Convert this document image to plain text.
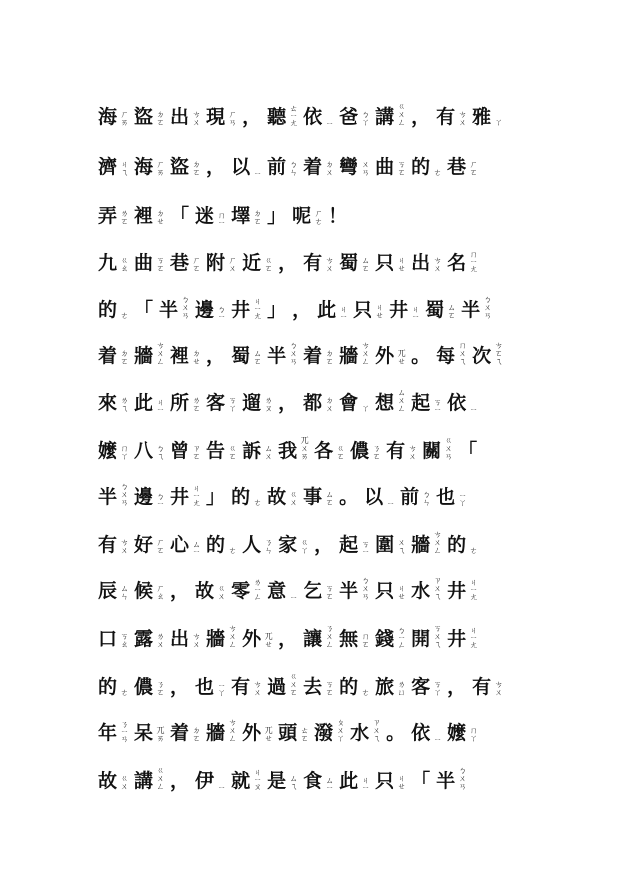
海 ㄏㄞ 盜 ㄉㄛ 出 ㄘㄨ 現 ㄏㄢ ， 聽 ㄊㄧㄤ 依 ㄧ 爸 ㄅㄚ 講 ㄍㄨㄥ ， 有 ㄘㄨ 雅 ㄚ
濟 ㄐㄟ 海 ㄏㄞ 盜 ㄉㄛ ， 以 ㄧ 前 ㄅㄣ 着 ㄉㄨ 彎 ㄨㄢ 曲 ㄎㄛ 的 ㄜ 巷 ㄏㄛ
弄 ㄌㄛ 裡 ㄉㄝ 「 迷 ㄇㄧ 墿 ㄉㄛ 」 呢 ㄏㄜ ！
九 ㄍㄠ 曲 ㄎㄛ 巷 ㄏㄛ 附 ㄏㄨ 近 ㄍㄛ ， 有 ㄘㄨ 蜀 ㄙㄛ 只 ㄐㄝ 出 ㄘㄨ 名 ㄇㄧㄤ
的 ㄜ 「 半 ㄅㄨㄢ 邊 ㄅㄧ 井 ㄐㄧㄤ 」 ， 此 ㄐㄧ 只 ㄐㄝ 井 ㄐㄧ 蜀 ㄙㄛ 半 ㄅㄨㄢ
着 ㄉㄛ 牆 ㄘㄨㄥ 裡 ㄉㄝ ， 蜀 ㄙㄛ 半 ㄅㄨㄢ 着 ㄉㄛ 牆 ㄘㄨㄥ 外 ㄫㄝ 。 每 ㄇㄨㄟ 次 ㄘㄛㄟ
來 ㄌㄟ 此 ㄐㄧ 所 ㄌㄛ 客 ㄎㄚ 遛 ㄌㄡ ， 都 ㄉㄨ 會 ㄚ 想 ㄙㄨㄥ 起 ㄎㄧ 依 ㄧ
嬤 ㄇㄚ 八 ㄅㄟ 曾 ㄗㄛ 告 ㄍㄛ 訴 ㄙㄨ 我 ㄫㄨㄞ 各 ㄍㄛ 儂 ㄋㄛ 有 ㄘㄨ 關 ㄍㄨㄢ 「
半 ㄅㄨㄢ 邊 ㄅㄧ 井 ㄐㄧㄤ 」 的 ㄜ 故 ㄍㄨ 事 ㄙㄛ 。 以 ㄧ 前 ㄅㄣ 也 ㄧㄚ
有 ㄘㄨ 好 ㄏㄛ 心 ㄙㄧ 的 ㄜ 人 ㄋㄣ 家 ㄍㄚ ， 起 ㄎㄧ 圍 ㄨㄟ 牆 ㄘㄨㄥ 的 ㄜ
辰 ㄙㄣ 候 ㄏㄠ ， 故 ㄍㄨ 零 ㄌㄧㄥ 意 ㄧ 乞 ㄎㄛ 半 ㄅㄨㄢ 只 ㄐㄝ 水 ㄗㄨㄟ 井 ㄐㄧㄤ
口 ㄎㄠ 露 ㄌㄨ 出 ㄘㄨ 牆 ㄘㄨㄥ 外 ㄫㄝ ， 讓 ㄋㄨㄥ 無 ㄇㄛ 錢 ㄅㄧㄥ 開 ㄎㄨㄟ 井 ㄐㄧㄤ
的 ㄜ 儂 ㄋㄛ ， 也 ㄧㄚ 有 ㄘㄨ 過 ㄍㄨㄛ 去 ㄎㄛ 的 ㄜ 旅 ㄌㄩ 客 ㄎㄚ ， 有 ㄘㄨ
年 ㄋㄧㄢ 呆 ㄫㄞ 着 ㄉㄛ 牆 ㄘㄨㄥ 外 ㄫㄝ 頭 ㄊㄛ 潑 ㄆㄨㄚ 水 ㄗㄨㄟ 。 依 ㄧ 嬤 ㄇㄚ
故 ㄍㄨ 講 ㄍㄨㄥ ， 伊 ㄧ 就 ㄐㄧㄡ 是 ㄙㄟ 食 ㄙㄧ 此 ㄐㄧ 只 ㄐㄝ 「 半 ㄅㄨㄢ
